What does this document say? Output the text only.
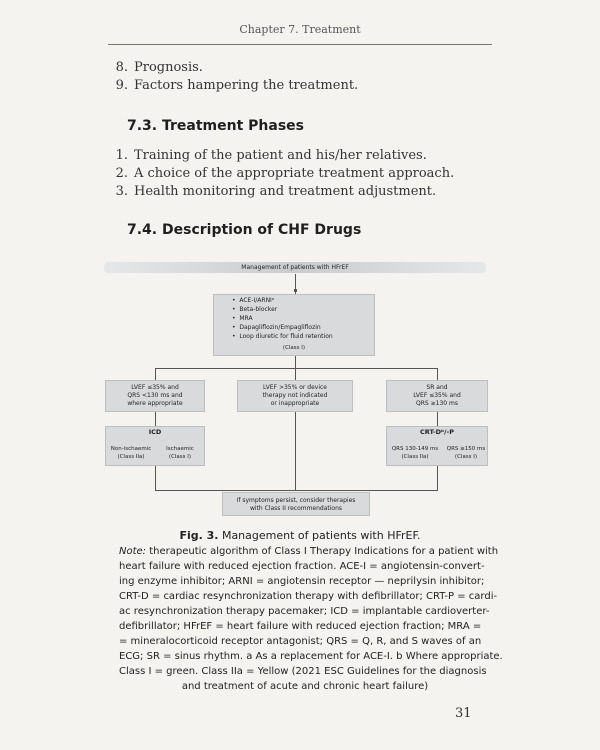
Chapter 7. Treatment
8. Prognosis.
9. Factors hampering the treatment.
7.3. Treatment Phases
1. Training of the patient and his/her relatives.
2. A choice of the appropriate treatment approach.
3. Health monitoring and treatment adjustment.
7.4. Description of CHF Drugs
Management of patients with HFrEF
•  ACE-I/ARNIᵃ
•  Beta-blocker
•  MRA
•  Dapagliflozin/Empagliflozin
•  Loop diuretic for fluid retention
(Class I)
LVEF ≤35% and
QRS <130 ms and
where appropriate
LVEF >35% or device
therapy not indicated
or inappropriate
SR and
LVEF ≤35% and
QRS ≥130 ms
ICD
Non-ischaemic
(Class IIa)
Ischaemic
(Class I)
CRT-Dᵇ/-P
QRS 130-149 ms
(Class IIa)
QRS ≥150 ms
(Class I)
If symptoms persist, consider therapies
with Class II recommendations
Fig. 3. Management of patients with HFrEF.
Note: therapeutic algorithm of Class I Therapy Indications for a patient with
heart failure with reduced ejection fraction. ACE-I = angiotensin-convert-
ing enzyme inhibitor; ARNI = angiotensin receptor — neprilysin inhibitor;
CRT-D = cardiac resynchronization therapy with defibrillator; CRT-P = cardi-
ac resynchronization therapy pacemaker; ICD = implantable cardioverter-
defibrillator; HFrEF = heart failure with reduced ejection fraction; MRA =
= mineralocorticoid receptor antagonist; QRS = Q, R, and S waves of an
ECG; SR = sinus rhythm. a As a replacement for ACE-I. b Where appropriate.
Class I = green. Class IIa = Yellow (2021 ESC Guidelines for the diagnosis
and treatment of acute and chronic heart failure)
31
